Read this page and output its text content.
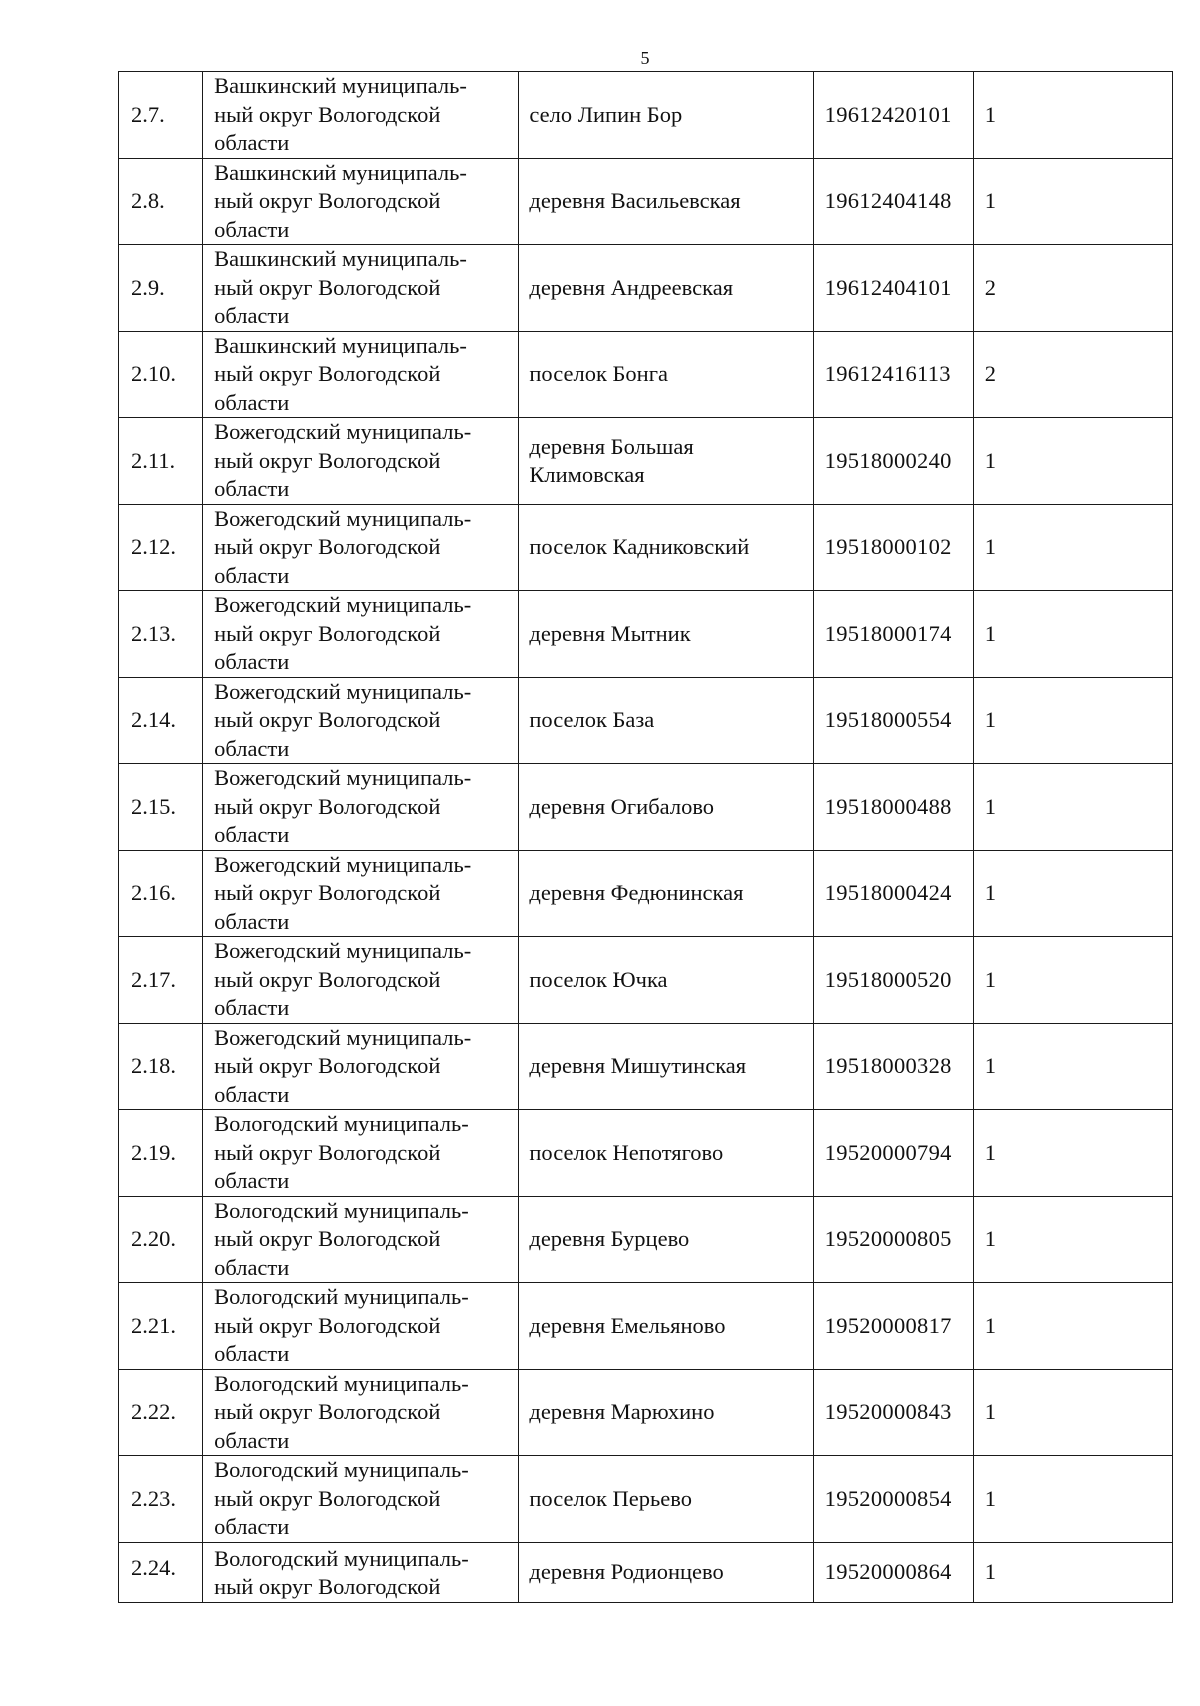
5
2.7.	Вашкинский муниципаль-
ный округ Вологодской
области	село Липин Бор	19612420101	1

2.8.	Вашкинский муниципаль-
ный округ Вологодской
области	деревня Васильевская	19612404148	1

2.9.	Вашкинский муниципаль-
ный округ Вологодской
области	деревня Андреевская	19612404101	2

2.10.	Вашкинский муниципаль-
ный округ Вологодской
области	поселок Бонга	19612416113	2

2.11.	Вожегодский муниципаль-
ный округ Вологодской
области	деревня Большая
Климовская	19518000240	1

2.12.	Вожегодский муниципаль-
ный округ Вологодской
области	поселок Кадниковский	19518000102	1

2.13.	Вожегодский муниципаль-
ный округ Вологодской
области	деревня Мытник	19518000174	1

2.14.	Вожегодский муниципаль-
ный округ Вологодской
области	поселок База	19518000554	1

2.15.	Вожегодский муниципаль-
ный округ Вологодской
области	деревня Огибалово	19518000488	1

2.16.	Вожегодский муниципаль-
ный округ Вологодской
области	деревня Федюнинская	19518000424	1

2.17.	Вожегодский муниципаль-
ный округ Вологодской
области	поселок Ючка	19518000520	1

2.18.	Вожегодский муниципаль-
ный округ Вологодской
области	деревня Мишутинская	19518000328	1

2.19.	Вологодский муниципаль-
ный округ Вологодской
области	поселок Непотягово	19520000794	1

2.20.	Вологодский муниципаль-
ный округ Вологодской
области	деревня Бурцево	19520000805	1

2.21.	Вологодский муниципаль-
ный округ Вологодской
области	деревня Емельяново	19520000817	1

2.22.	Вологодский муниципаль-
ный округ Вологодской
области	деревня Марюхино	19520000843	1

2.23.	Вологодский муниципаль-
ный округ Вологодской
области	поселок Перьево	19520000854	1

2.24.	Вологодский муниципаль-
ный округ Вологодской	деревня Родионцево	19520000864	1
